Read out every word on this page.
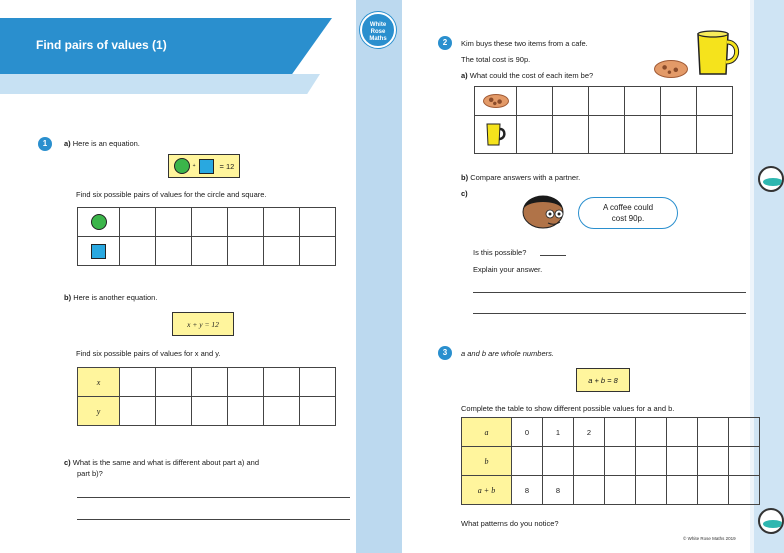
Find pairs of values (1)
White
Rose
Maths
1	a) Here is an equation.
+	= 12
Find six possible pairs of values for the circle and square.

b) Here is another equation.
x + y = 12
Find six possible pairs of values for x and y.
x						
y						
c) What is the same and what is different about part a) and
part b)?
2	Kim buys these two items from a cafe.
The total cost is 90p.
a) What could the cost of each item be?

b) Compare answers with a partner.
c)
A coffee could
cost 90p.
Is this possible?
Explain your answer.
3	a and b are whole numbers.
a + b = 8
Complete the table to show different possible values for a and b.
a	0	1	2					
b								
a + b	8	8						
What patterns do you notice?
© White Rose Maths 2019
